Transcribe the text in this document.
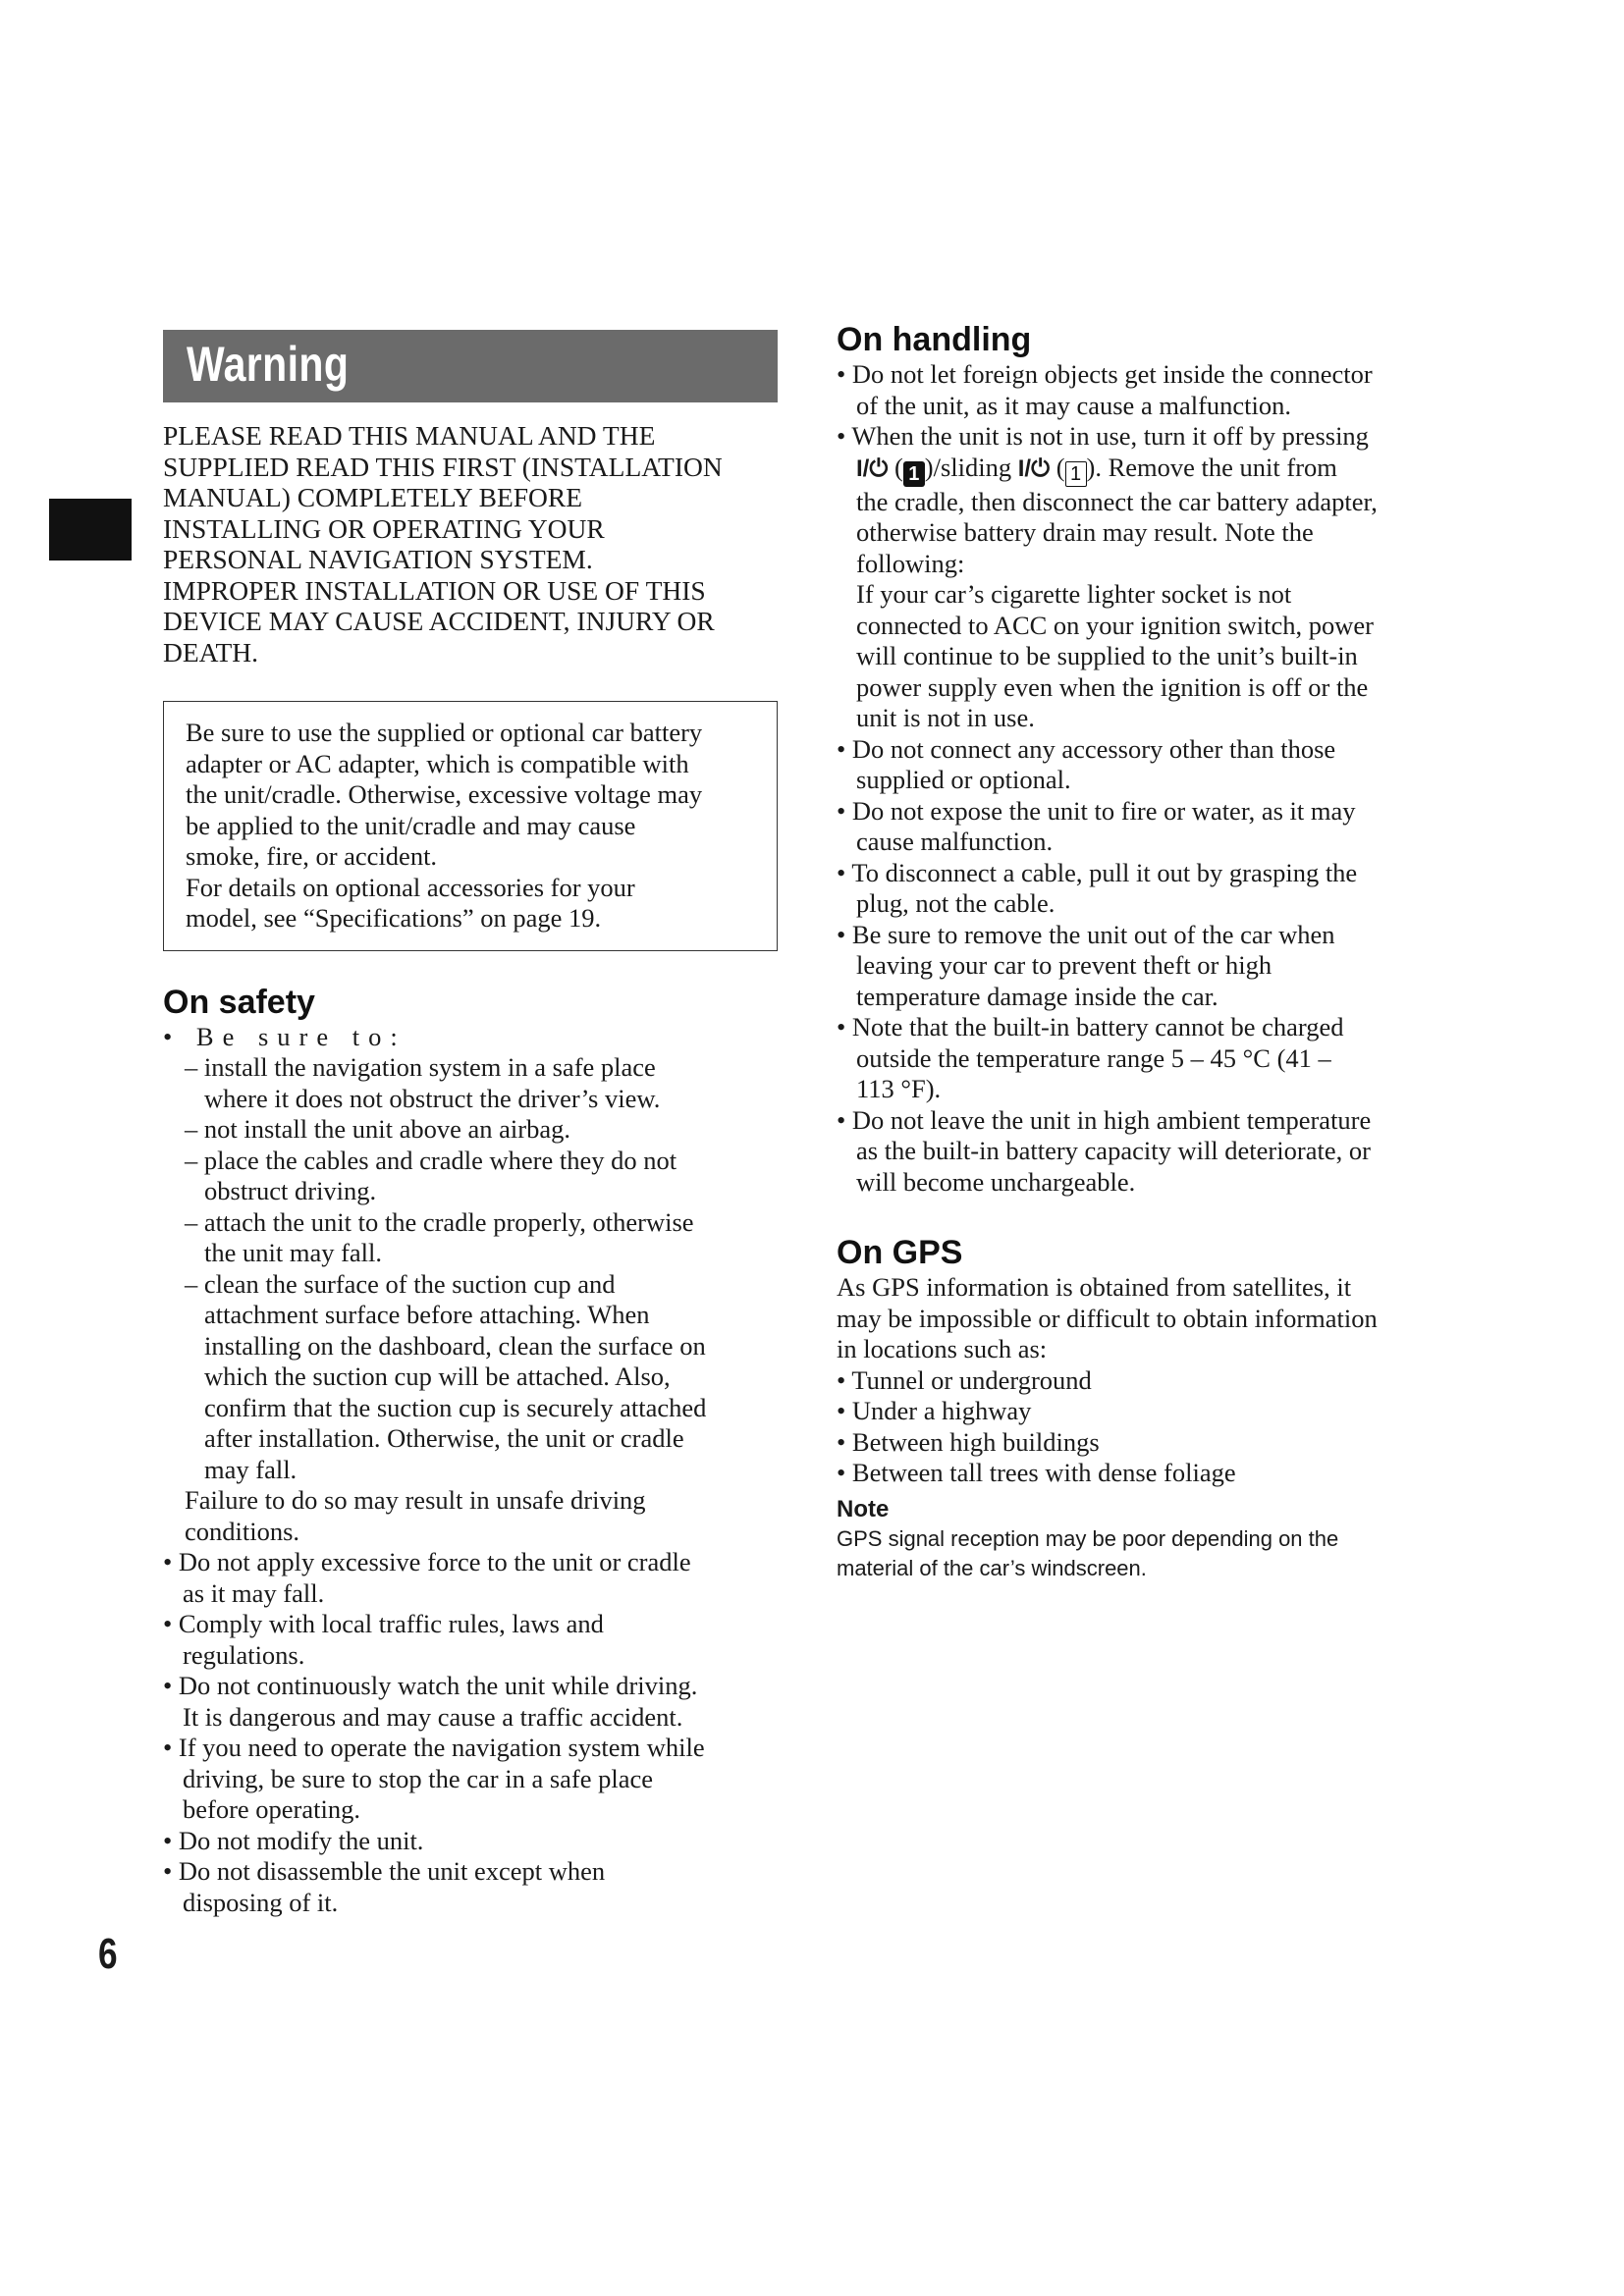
Warning
PLEASE READ THIS MANUAL AND THE
SUPPLIED READ THIS FIRST (INSTALLATION
MANUAL) COMPLETELY BEFORE
INSTALLING OR OPERATING YOUR
PERSONAL NAVIGATION SYSTEM.
IMPROPER INSTALLATION OR USE OF THIS
DEVICE MAY CAUSE ACCIDENT, INJURY OR
DEATH.
Be sure to use the supplied or optional car battery
adapter or AC adapter, which is compatible with
the unit/cradle. Otherwise, excessive voltage may
be applied to the unit/cradle and may cause
smoke, fire, or accident.
For details on optional accessories for your
model, see “Specifications” on page 19.
On safety
• Be sure to:
– install the navigation system in a safe place
where it does not obstruct the driver’s view.
– not install the unit above an airbag.
– place the cables and cradle where they do not
obstruct driving.
– attach the unit to the cradle properly, otherwise
the unit may fall.
– clean the surface of the suction cup and
attachment surface before attaching. When
installing on the dashboard, clean the surface on
which the suction cup will be attached. Also,
confirm that the suction cup is securely attached
after installation. Otherwise, the unit or cradle
may fall.
Failure to do so may result in unsafe driving
conditions.
• Do not apply excessive force to the unit or cradle
as it may fall.
• Comply with local traffic rules, laws and
regulations.
• Do not continuously watch the unit while driving.
It is dangerous and may cause a traffic accident.
• If you need to operate the navigation system while
driving, be sure to stop the car in a safe place
before operating.
• Do not modify the unit.
• Do not disassemble the unit except when
disposing of it.
On handling
• Do not let foreign objects get inside the connector
of the unit, as it may cause a malfunction.
• When the unit is not in use, turn it off by pressing
I/⏻ ( 1 )/sliding I/⏻ ( 1 ). Remove the unit from
the cradle, then disconnect the car battery adapter,
otherwise battery drain may result. Note the
following:
If your car’s cigarette lighter socket is not
connected to ACC on your ignition switch, power
will continue to be supplied to the unit’s built-in
power supply even when the ignition is off or the
unit is not in use.
• Do not connect any accessory other than those
supplied or optional.
• Do not expose the unit to fire or water, as it may
cause malfunction.
• To disconnect a cable, pull it out by grasping the
plug, not the cable.
• Be sure to remove the unit out of the car when
leaving your car to prevent theft or high
temperature damage inside the car.
• Note that the built-in battery cannot be charged
outside the temperature range 5 – 45 °C (41 –
113 °F).
• Do not leave the unit in high ambient temperature
as the built-in battery capacity will deteriorate, or
will become unchargeable.
On GPS
As GPS information is obtained from satellites, it
may be impossible or difficult to obtain information
in locations such as:
• Tunnel or underground
• Under a highway
• Between high buildings
• Between tall trees with dense foliage
Note
GPS signal reception may be poor depending on the
material of the car’s windscreen.
6
